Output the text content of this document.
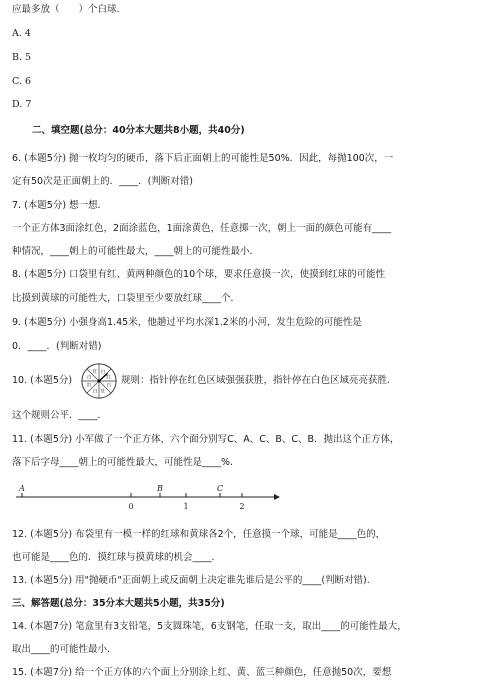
应最多放（　　）个白球.
A. 4
B. 5
C. 6
D. 7
二、填空题(总分：40分本大题共8小题，共40分)
6. (本题5分) 抛一枚均匀的硬币，落下后正面朝上的可能性是50%．因此，每抛100次，一
定有50次是正面朝上的．____．(判断对错)
7. (本题5分) 想一想．
一个正方体3面涂红色，2面涂蓝色，1面涂黄色，任意掷一次，朝上一面的颜色可能有____
种情况，____朝上的可能性最大，____朝上的可能性最小．
8. (本题5分) 口袋里有红、黄两种颜色的10个球，要求任意摸一次，使摸到红球的可能性
比摸到黄球的可能性大，口袋里至少要放红球____个．
9. (本题5分) 小强身高1.45米，他趟过平均水深1.2米的小河，发生危险的可能性是
0．____．(判断对错)
10. (本题5分)
白
红
白
红
白
红
白
红
规则：指针停在红色区域强强获胜，指针停在白色区域亮亮获胜．
这个规则公平．____．
11. (本题5分) 小军做了一个正方体，六个面分别写C、A、C、B、C、B．抛出这个正方体，
落下后字母____朝上的可能性最大，可能性是____%.
A	B	C
0	1	2
12. (本题5分) 布袋里有一模一样的红球和黄球各2个，任意摸一个球，可能是____色的，
也可能是____色的．摸红球与摸黄球的机会____．
13. (本题5分) 用"抛硬币"正面朝上或反面朝上决定谁先谁后是公平的____(判断对错).
三、解答题(总分：35分本大题共5小题，共35分)
14. (本题7分) 笔盒里有3支铅笔，5支圆珠笔，6支钢笔，任取一支，取出____的可能性最大，
取出____的可能性最小．
15. (本题7分) 给一个正方体的六个面上分别涂上红、黄、蓝三种颜色，任意抛50次，要想
